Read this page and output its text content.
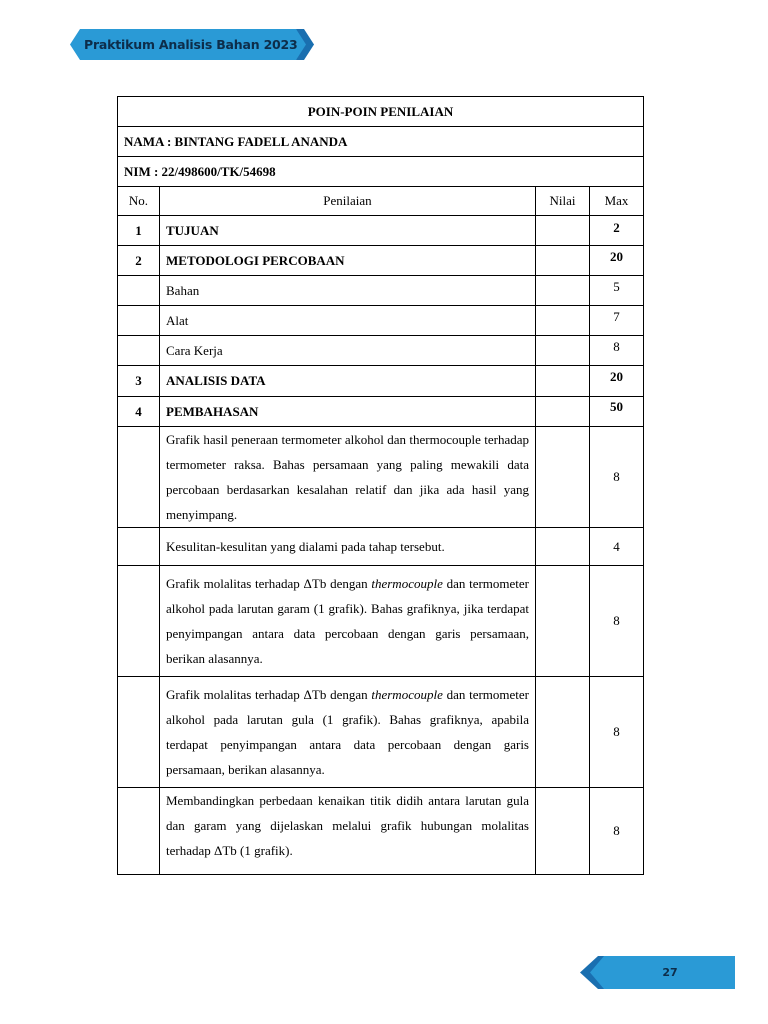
Praktikum Analisis Bahan 2023
POIN-POIN PENILAIAN			
NAMA : BINTANG FADELL ANANDA			
NIM : 22/498600/TK/54698			
No.	Penilaian	Nilai	Max
1	TUJUAN		2
2	METODOLOGI PERCOBAAN		20
	Bahan		5
	Alat		7
	Cara Kerja		8
3	ANALISIS DATA		20
4	PEMBAHASAN		50
	Grafik hasil peneraan termometer alkohol dan thermocouple terhadap termometer raksa. Bahas persamaan yang paling mewakili data percobaan berdasarkan kesalahan relatif dan jika ada hasil yang menyimpang.		8
	Kesulitan-kesulitan yang dialami pada tahap tersebut.		4
	Grafik molalitas terhadap ΔTb dengan thermocouple dan termometer alkohol pada larutan garam (1 grafik). Bahas grafiknya, jika terdapat penyimpangan antara data percobaan dengan garis persamaan, berikan alasannya.		8
	Grafik molalitas terhadap ΔTb dengan thermocouple dan termometer alkohol pada larutan gula (1 grafik). Bahas grafiknya, apabila terdapat penyimpangan antara data percobaan dengan garis persamaan, berikan alasannya.		8
	Membandingkan perbedaan kenaikan titik didih antara larutan gula dan garam yang dijelaskan melalui grafik hubungan molalitas terhadap ΔTb (1 grafik).		8
27
